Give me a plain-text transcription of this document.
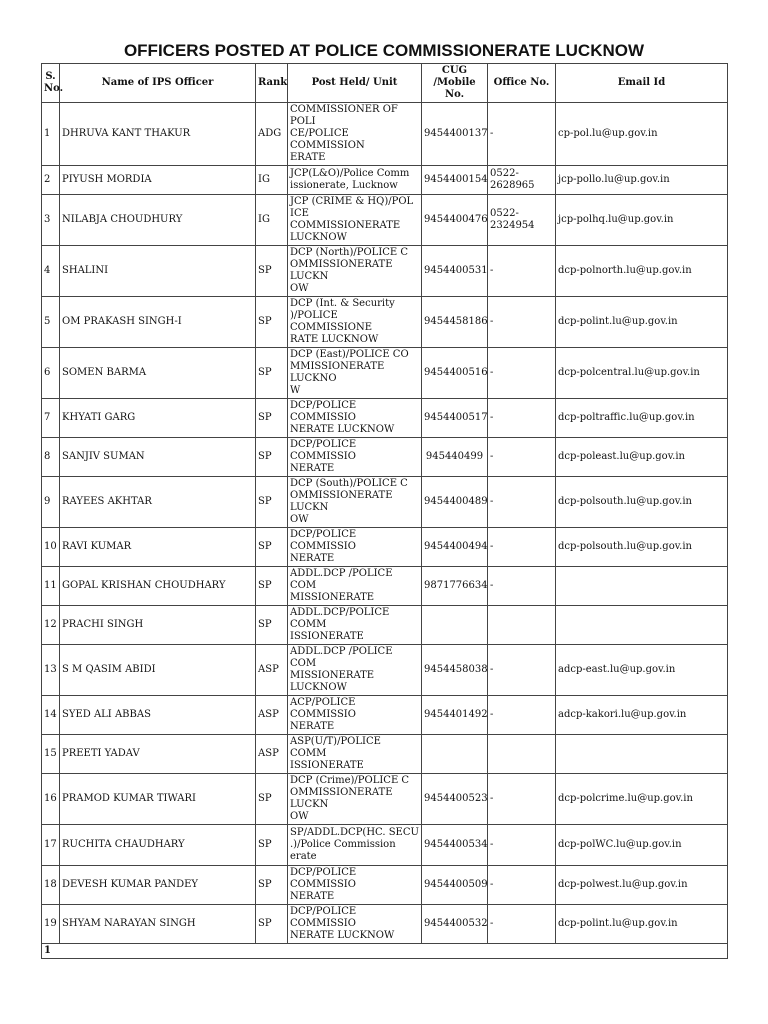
OFFICERS POSTED AT POLICE COMMISSIONERATE LUCKNOW
S.
No.	Name of IPS Officer	Rank	Post Held/ Unit	CUG /Mobile
No.	Office No.	Email Id
1	DHRUVA KANT THAKUR	ADG	COMMISSIONER OF POLI
CE/POLICE COMMISSION
ERATE	9454400137	-	cp-pol.lu@up.gov.in
2	PIYUSH MORDIA	IG	JCP(L&O)/Police Comm
issionerate, Lucknow	9454400154	0522-2628965	jcp-pollo.lu@up.gov.in
3	NILABJA CHOUDHURY	IG	JCP (CRIME & HQ)/POL
ICE COMMISSIONERATE
LUCKNOW	9454400476	0522-2324954	jcp-polhq.lu@up.gov.in
4	SHALINI	SP	DCP (North)/POLICE C
OMMISSIONERATE LUCKN
OW	9454400531	-	dcp-polnorth.lu@up.gov.in
5	OM PRAKASH SINGH-I	SP	DCP (Int. & Security
)/POLICE COMMISSIONE
RATE LUCKNOW	9454458186	-	dcp-polint.lu@up.gov.in
6	SOMEN BARMA	SP	DCP (East)/POLICE CO
MMISSIONERATE LUCKNO
W	9454400516	-	dcp-polcentral.lu@up.gov.in
7	KHYATI GARG	SP	DCP/POLICE COMMISSIO
NERATE LUCKNOW	9454400517	-	dcp-poltraffic.lu@up.gov.in
8	SANJIV SUMAN	SP	DCP/POLICE COMMISSIO
NERATE	945440499	-	dcp-poleast.lu@up.gov.in
9	RAYEES AKHTAR	SP	DCP (South)/POLICE C
OMMISSIONERATE LUCKN
OW	9454400489	-	dcp-polsouth.lu@up.gov.in
10	RAVI KUMAR	SP	DCP/POLICE COMMISSIO
NERATE	9454400494	-	dcp-polsouth.lu@up.gov.in
11	GOPAL KRISHAN CHOUDHARY	SP	ADDL.DCP /POLICE COM
MISSIONERATE	9871776634	-	
12	PRACHI SINGH	SP	ADDL.DCP/POLICE COMM
ISSIONERATE			
13	S M QASIM ABIDI	ASP	ADDL.DCP /POLICE COM
MISSIONERATE LUCKNOW	9454458038	-	adcp-east.lu@up.gov.in
14	SYED ALI ABBAS	ASP	ACP/POLICE COMMISSIO
NERATE	9454401492	-	adcp-kakori.lu@up.gov.in
15	PREETI YADAV	ASP	ASP(U/T)/POLICE COMM
ISSIONERATE			
16	PRAMOD KUMAR TIWARI	SP	DCP (Crime)/POLICE C
OMMISSIONERATE LUCKN
OW	9454400523	-	dcp-polcrime.lu@up.gov.in
17	RUCHITA CHAUDHARY	SP	SP/ADDL.DCP(HC. SECU
.)/Police Commission
erate	9454400534	-	dcp-polWC.lu@up.gov.in
18	DEVESH KUMAR PANDEY	SP	DCP/POLICE COMMISSIO
NERATE	9454400509	-	dcp-polwest.lu@up.gov.in
19	SHYAM NARAYAN SINGH	SP	DCP/POLICE COMMISSIO
NERATE LUCKNOW	9454400532	-	dcp-polint.lu@up.gov.in
1						
